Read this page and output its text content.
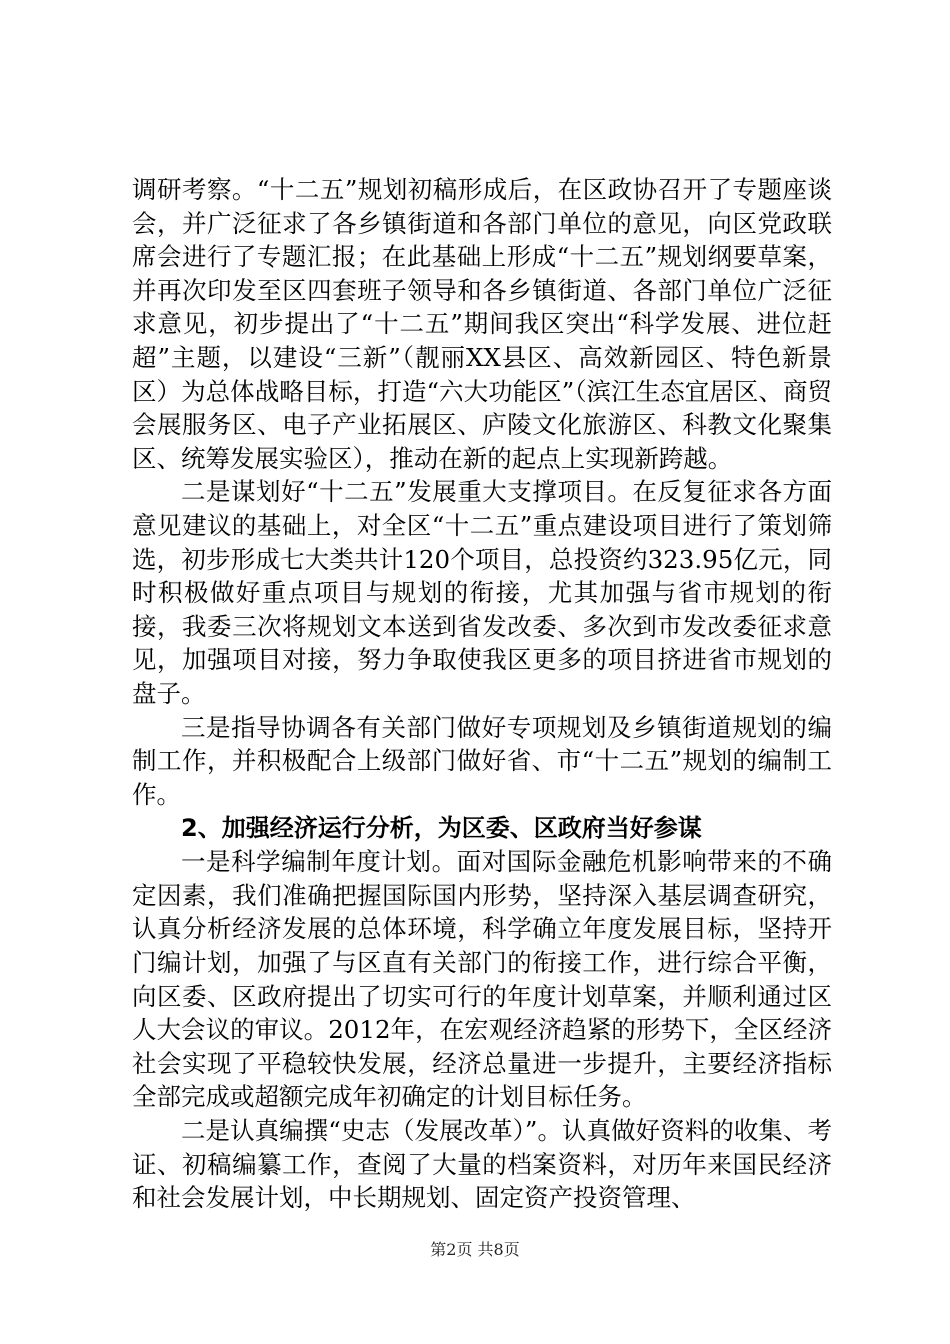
调研考察。“十二五”规划初稿形成后，在区政协召开了专题座谈会，并广泛征求了各乡镇街道和各部门单位的意见，向区党政联席会进行了专题汇报；在此基础上形成“十二五”规划纲要草案，并再次印发至区四套班子领导和各乡镇街道、各部门单位广泛征求意见，初步提出了“十二五”期间我区突出“科学发展、进位赶超”主题，以建设“三新”（靓丽XX县区、高效新园区、特色新景区）为总体战略目标，打造“六大功能区”（滨江生态宜居区、商贸会展服务区、电子产业拓展区、庐陵文化旅游区、科教文化聚集区、统筹发展实验区），推动在新的起点上实现新跨越。

二是谋划好“十二五”发展重大支撑项目。在反复征求各方面意见建议的基础上，对全区“十二五”重点建设项目进行了策划筛选，初步形成七大类共计120个项目，总投资约323.95亿元，同时积极做好重点项目与规划的衔接，尤其加强与省市规划的衔接，我委三次将规划文本送到省发改委、多次到市发改委征求意见，加强项目对接，努力争取使我区更多的项目挤进省市规划的盘子。

三是指导协调各有关部门做好专项规划及乡镇街道规划的编制工作，并积极配合上级部门做好省、市“十二五”规划的编制工作。

2、加强经济运行分析，为区委、区政府当好参谋

一是科学编制年度计划。面对国际金融危机影响带来的不确定因素，我们准确把握国际国内形势，坚持深入基层调查研究，认真分析经济发展的总体环境，科学确立年度发展目标，坚持开门编计划，加强了与区直有关部门的衔接工作，进行综合平衡，向区委、区政府提出了切实可行的年度计划草案，并顺利通过区人大会议的审议。2012年，在宏观经济趋紧的形势下，全区经济社会实现了平稳较快发展，经济总量进一步提升，主要经济指标全部完成或超额完成年初确定的计划目标任务。

二是认真编撰“史志（发展改革）”。认真做好资料的收集、考证、初稿编纂工作，查阅了大量的档案资料，对历年来国民经济和社会发展计划，中长期规划、固定资产投资管理、

第2页 共8页
